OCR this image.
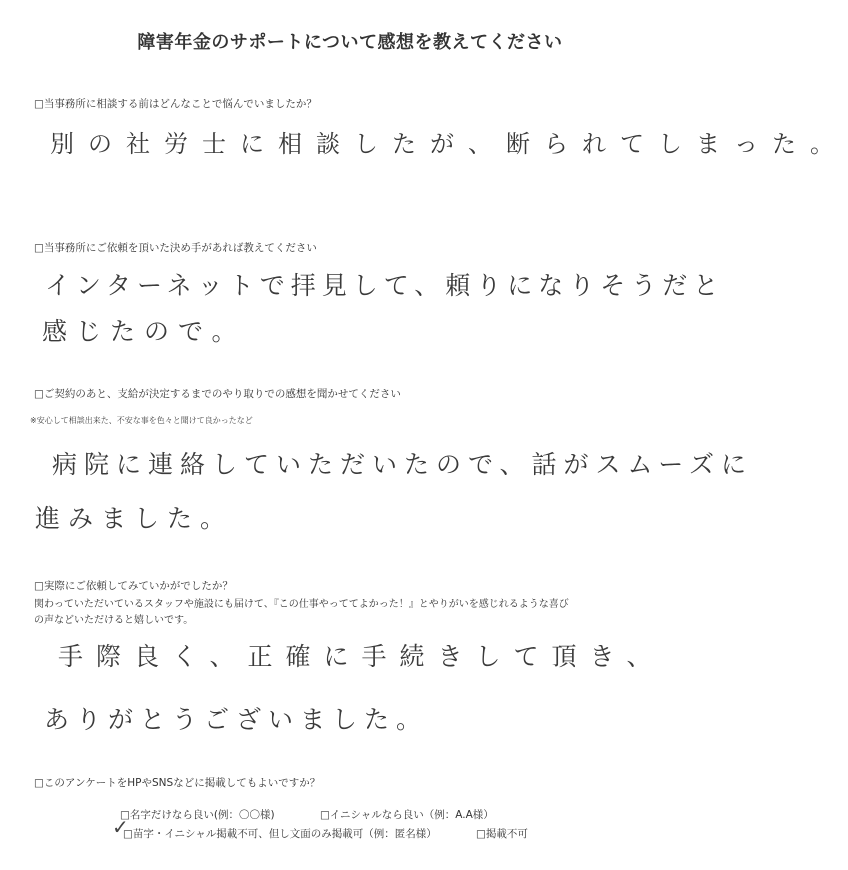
障害年金のサポートについて感想を教えてください
□当事務所に相談する前はどんなことで悩んでいましたか？
別の社労士に相談したが、断られてしまった。
□当事務所にご依頼を頂いた決め手があれば教えてください
インターネットで拝見して、頼りになりそうだと
感じたので。
□ご契約のあと、支給が決定するまでのやり取りでの感想を聞かせてください
※安心して相談出来た、不安な事を色々と聞けて良かったなど
病院に連絡していただいたので、話がスムーズに
進みました。
□実際にご依頼してみていかがでしたか？
関わっていただいているスタッフや施設にも届けて、『この仕事やっててよかった！』とやりがいを感じれるような喜び
の声などいただけると嬉しいです。
手際良く、正確に手続きして頂き、
ありがとうございました。
□このアンケートをHPやSNSなどに掲載してもよいですか？
□名字だけなら良い(例：〇〇様)	□イニシャルなら良い（例：A.A様）
✓
□苗字・イニシャル掲載不可、但し文面のみ掲載可（例：匿名様）	□掲載不可
